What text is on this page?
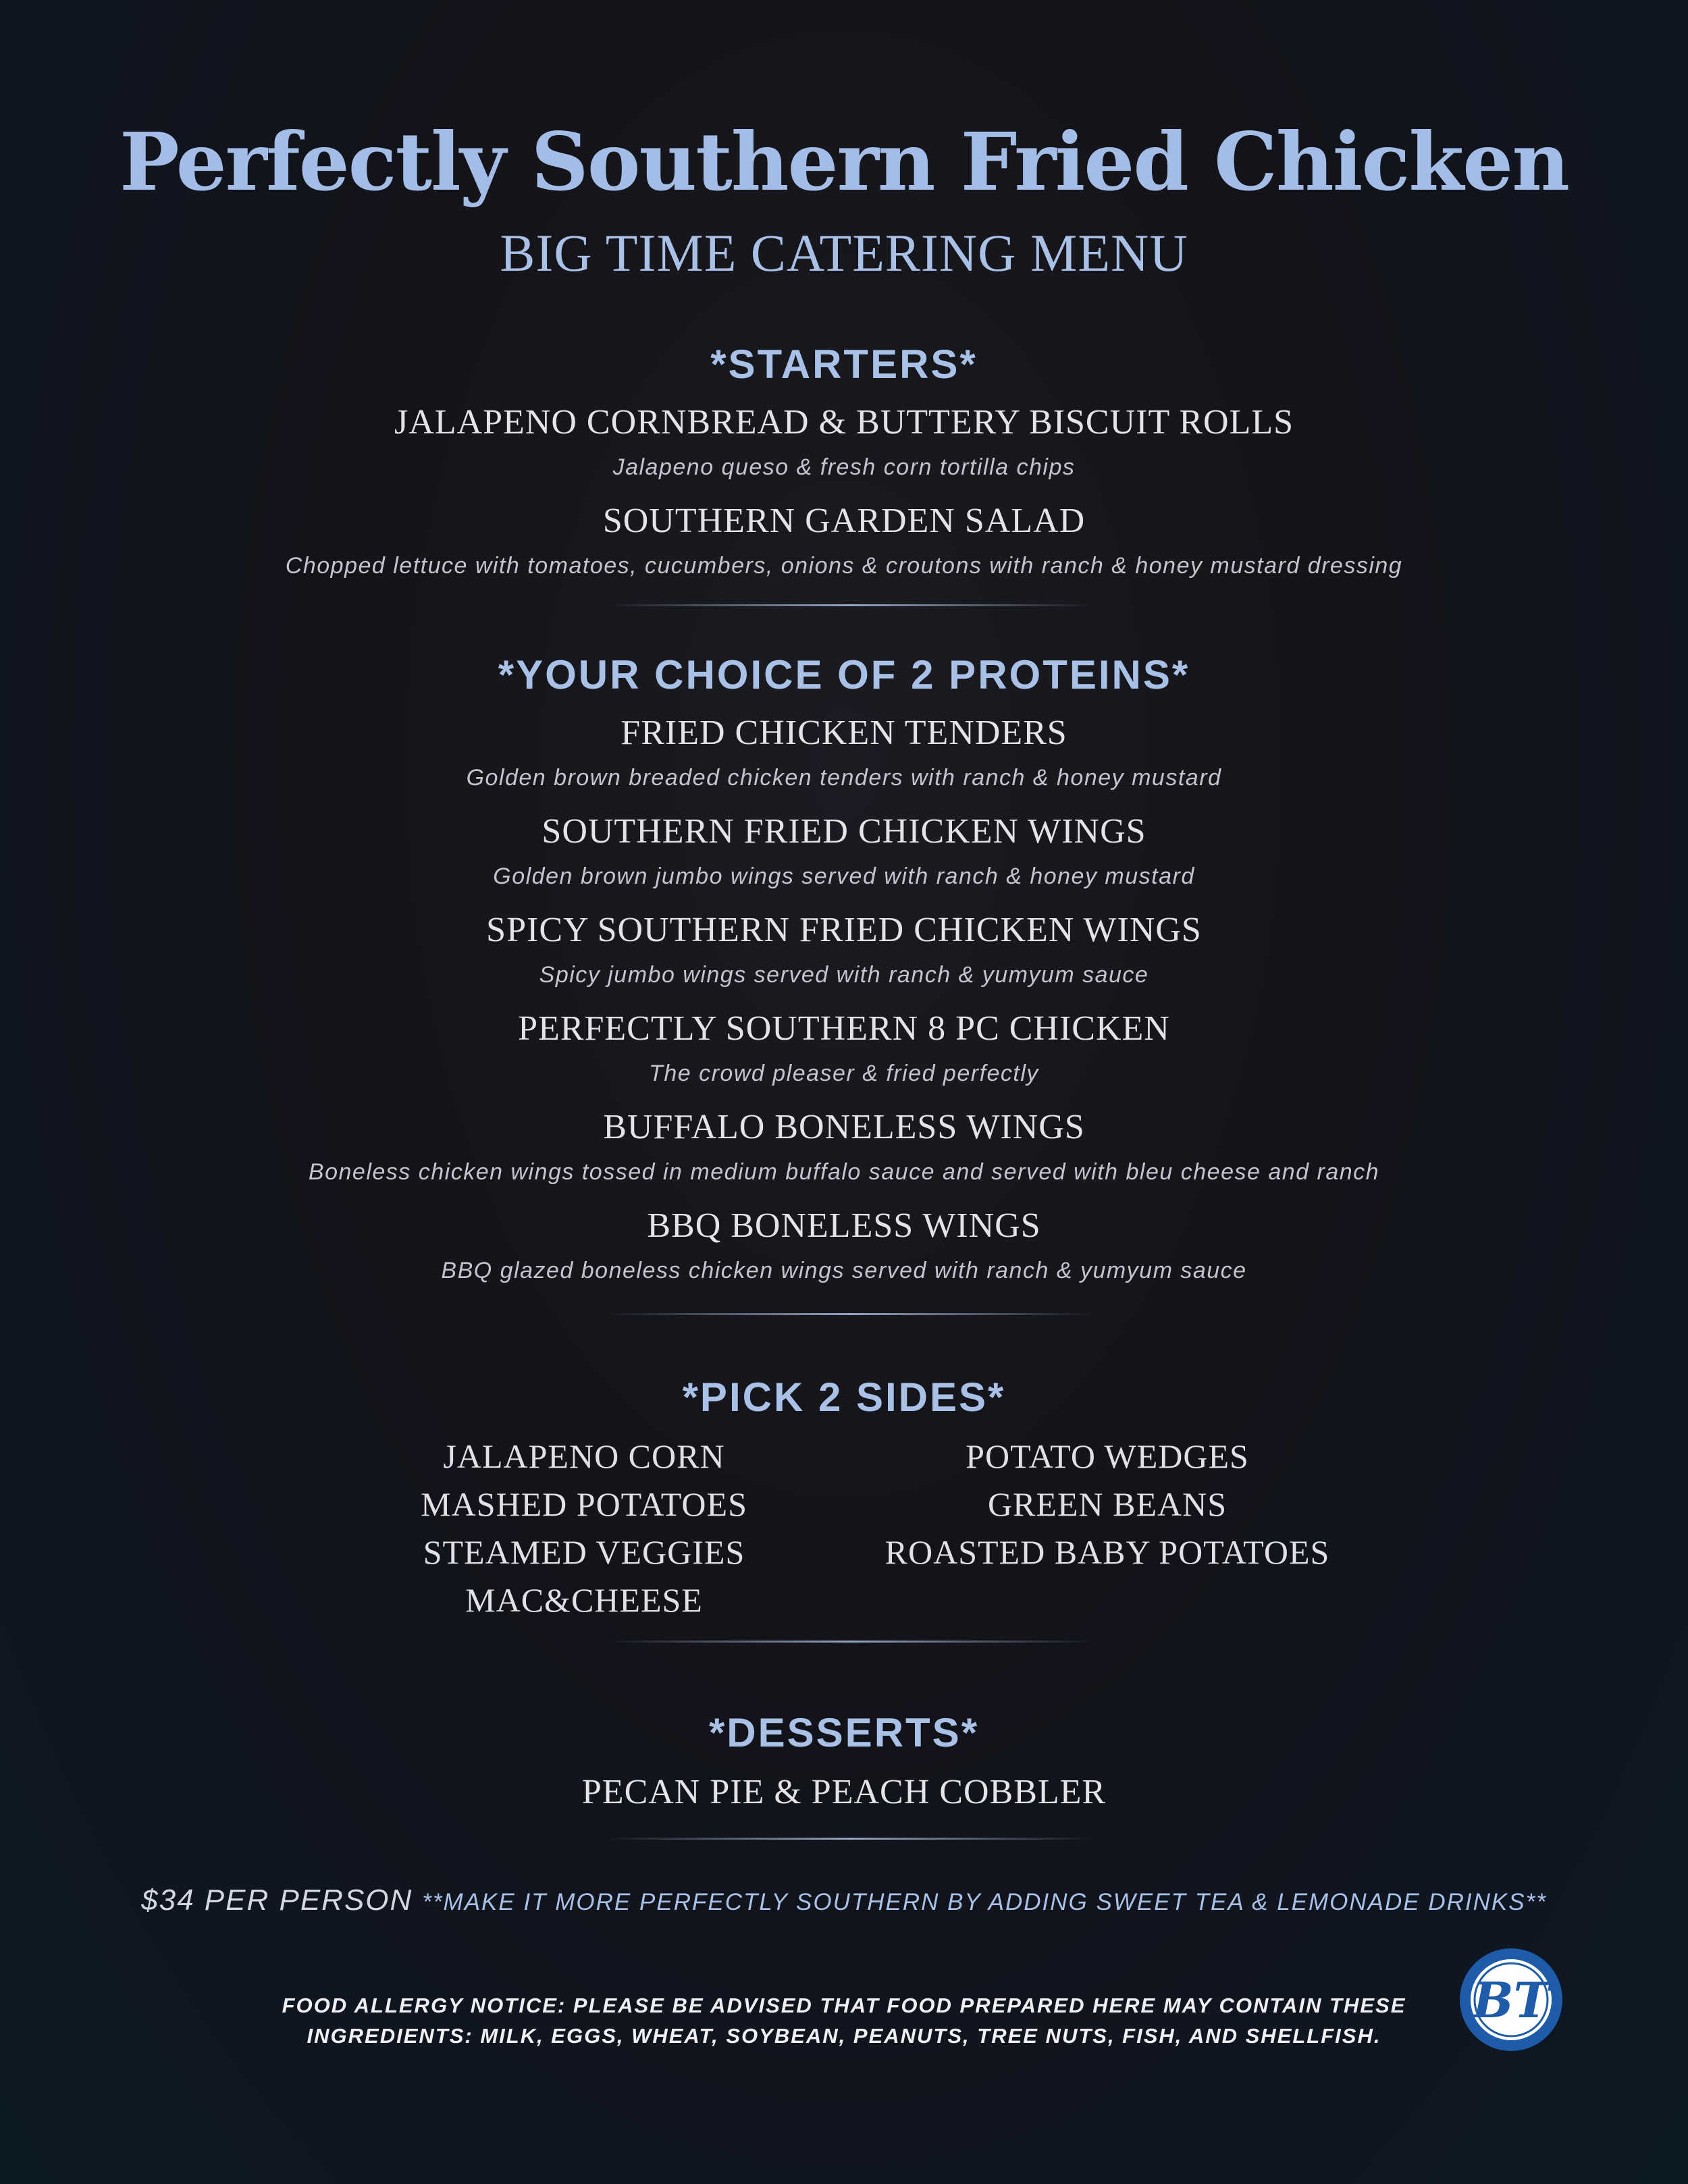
Perfectly Southern Fried Chicken
BIG TIME CATERING MENU
*STARTERS*
JALAPENO CORNBREAD & BUTTERY BISCUIT ROLLS
Jalapeno queso & fresh corn tortilla chips
SOUTHERN GARDEN SALAD
Chopped lettuce with tomatoes, cucumbers, onions & croutons with ranch & honey mustard dressing
*YOUR CHOICE OF 2 PROTEINS*
FRIED CHICKEN TENDERS
Golden brown breaded chicken tenders with ranch & honey mustard
SOUTHERN FRIED CHICKEN WINGS
Golden brown jumbo wings served with ranch & honey mustard
SPICY SOUTHERN FRIED CHICKEN WINGS
Spicy jumbo wings served with ranch & yumyum sauce
PERFECTLY SOUTHERN 8 PC CHICKEN
The crowd pleaser & fried perfectly
BUFFALO BONELESS WINGS
Boneless chicken wings tossed in medium buffalo sauce and served with bleu cheese and ranch
BBQ BONELESS WINGS
BBQ glazed boneless chicken wings served with ranch & yumyum sauce
*PICK 2 SIDES*
JALAPENO CORN
MASHED POTATOES
STEAMED VEGGIES
MAC&CHEESE
POTATO WEDGES
GREEN BEANS
ROASTED BABY POTATOES
*DESSERTS*
PECAN PIE & PEACH COBBLER
$34 PER PERSON **MAKE IT MORE PERFECTLY SOUTHERN BY ADDING SWEET TEA & LEMONADE DRINKS**
FOOD ALLERGY NOTICE: PLEASE BE ADVISED THAT FOOD PREPARED HERE MAY CONTAIN THESE
INGREDIENTS: MILK, EGGS, WHEAT, SOYBEAN, PEANUTS, TREE NUTS, FISH, AND SHELLFISH.
BT
